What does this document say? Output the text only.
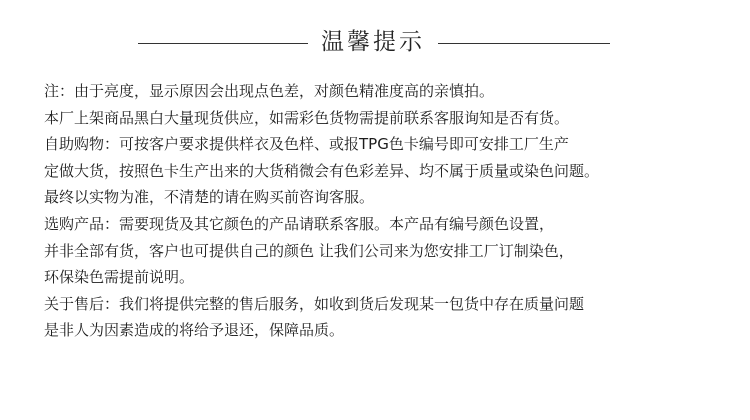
温馨提示
注：由于亮度，显示原因会出现点色差，对颜色精准度高的亲慎拍。
本厂上架商品黑白大量现货供应，如需彩色货物需提前联系客服询知是否有货。
自助购物：可按客户要求提供样衣及色样、或报TPG色卡编号即可安排工厂生产
定做大货，按照色卡生产出来的大货稍微会有色彩差异、均不属于质量或染色问题。
最终以实物为准，不清楚的请在购买前咨询客服。
选购产品：需要现货及其它颜色的产品请联系客服。本产品有编号颜色设置，
并非全部有货，客户也可提供自己的颜色 让我们公司来为您安排工厂订制染色，
环保染色需提前说明。
关于售后：我们将提供完整的售后服务，如收到货后发现某一包货中存在质量问题
是非人为因素造成的将给予退还，保障品质。
